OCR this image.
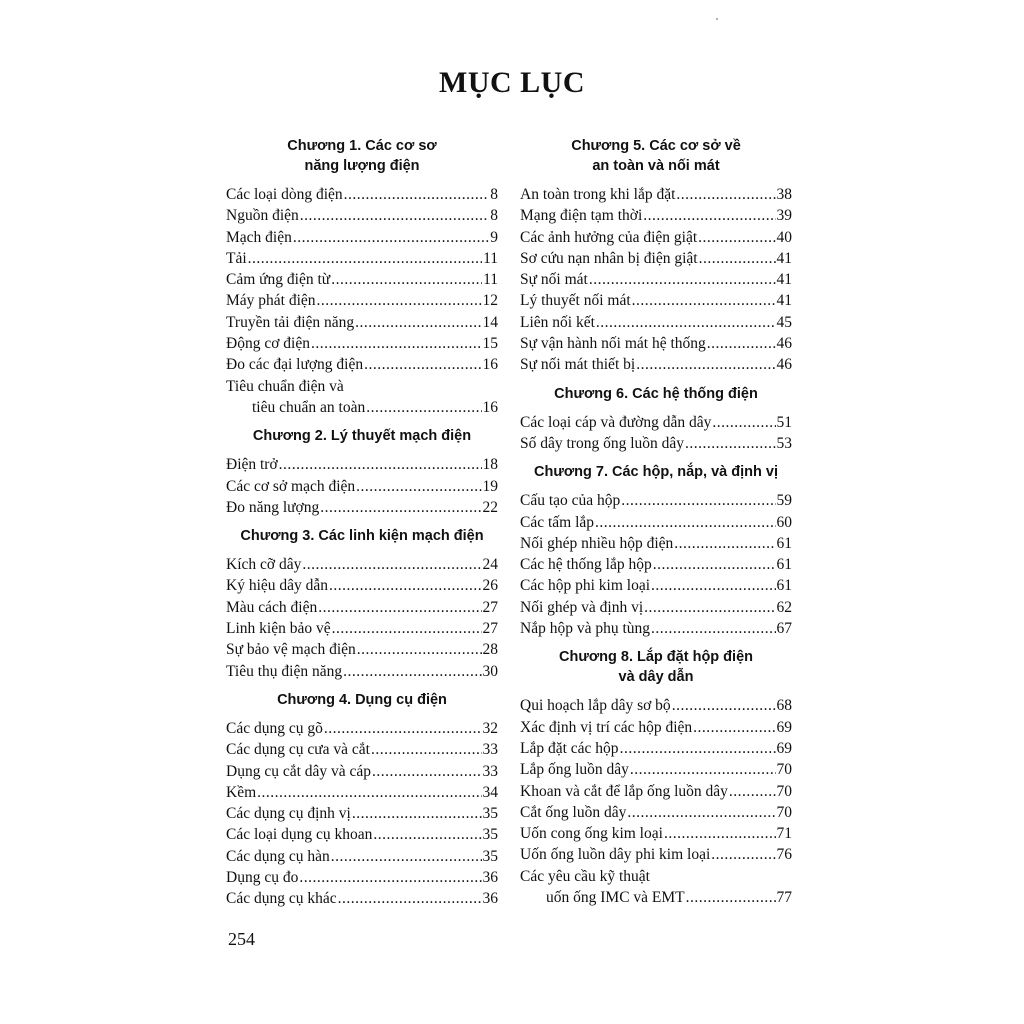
MỤC LỤC
Chương 1. Các cơ sơ
năng lượng điện
Các loại dòng điện .....	8
Nguồn điện .....	8
Mạch điện .....	9
Tải .....	11
Cảm ứng điện từ .....	11
Máy phát điện .....	12
Truyền tải điện năng .....	14
Động cơ điện .....	15
Đo các đại lượng điện .....	16
Tiêu chuẩn điện và
tiêu chuẩn an toàn .....	16
Chương 2. Lý thuyết mạch điện
Điện trở .....	18
Các cơ sở mạch điện .....	19
Đo năng lượng .....	22
Chương 3. Các linh kiện mạch điện
Kích cỡ dây .....	24
Ký hiệu dây dẫn .....	26
Màu cách điện .....	27
Linh kiện bảo vệ .....	27
Sự bảo vệ mạch điện .....	28
Tiêu thụ điện năng .....	30
Chương 4. Dụng cụ điện
Các dụng cụ gõ .....	32
Các dụng cụ cưa và cắt .....	33
Dụng cụ cắt dây và cáp .....	33
Kềm .....	34
Các dụng cụ định vị .....	35
Các loại dụng cụ khoan .....	35
Các dụng cụ hàn .....	35
Dụng cụ đo .....	36
Các dụng cụ khác .....	36
Chương 5. Các cơ sở về
an toàn và nối mát
An toàn trong khi lắp đặt .....	38
Mạng điện tạm thời .....	39
Các ảnh hưởng của điện giật .....	40
Sơ cứu nạn nhân bị điện giật .....	41
Sự nối mát .....	41
Lý thuyết nối mát .....	41
Liên nối kết .....	45
Sự vận hành nối mát hệ thống .....	46
Sự nối mát thiết bị .....	46
Chương 6. Các hệ thống điện
Các loại cáp và đường dẫn dây .....	51
Số dây trong ống luồn dây .....	53
Chương 7. Các hộp, nắp, và định vị
Cấu tạo của hộp .....	59
Các tấm lắp .....	60
Nối ghép nhiều hộp điện .....	61
Các hệ thống lắp hộp .....	61
Các hộp phi kim loại .....	61
Nối ghép và định vị .....	62
Nắp hộp và phụ tùng .....	67
Chương 8. Lắp đặt hộp điện
và dây dẫn
Qui hoạch lắp dây sơ bộ .....	68
Xác định vị trí các hộp điện .....	69
Lắp đặt các hộp .....	69
Lắp ống luồn dây .....	70
Khoan và cắt để lắp ống luồn dây .....	70
Cắt ống luồn dây .....	70
Uốn cong ống kim loại .....	71
Uốn ống luồn dây phi kim loại .....	76
Các yêu cầu kỹ thuật
uốn ống IMC và EMT .....	77
254
